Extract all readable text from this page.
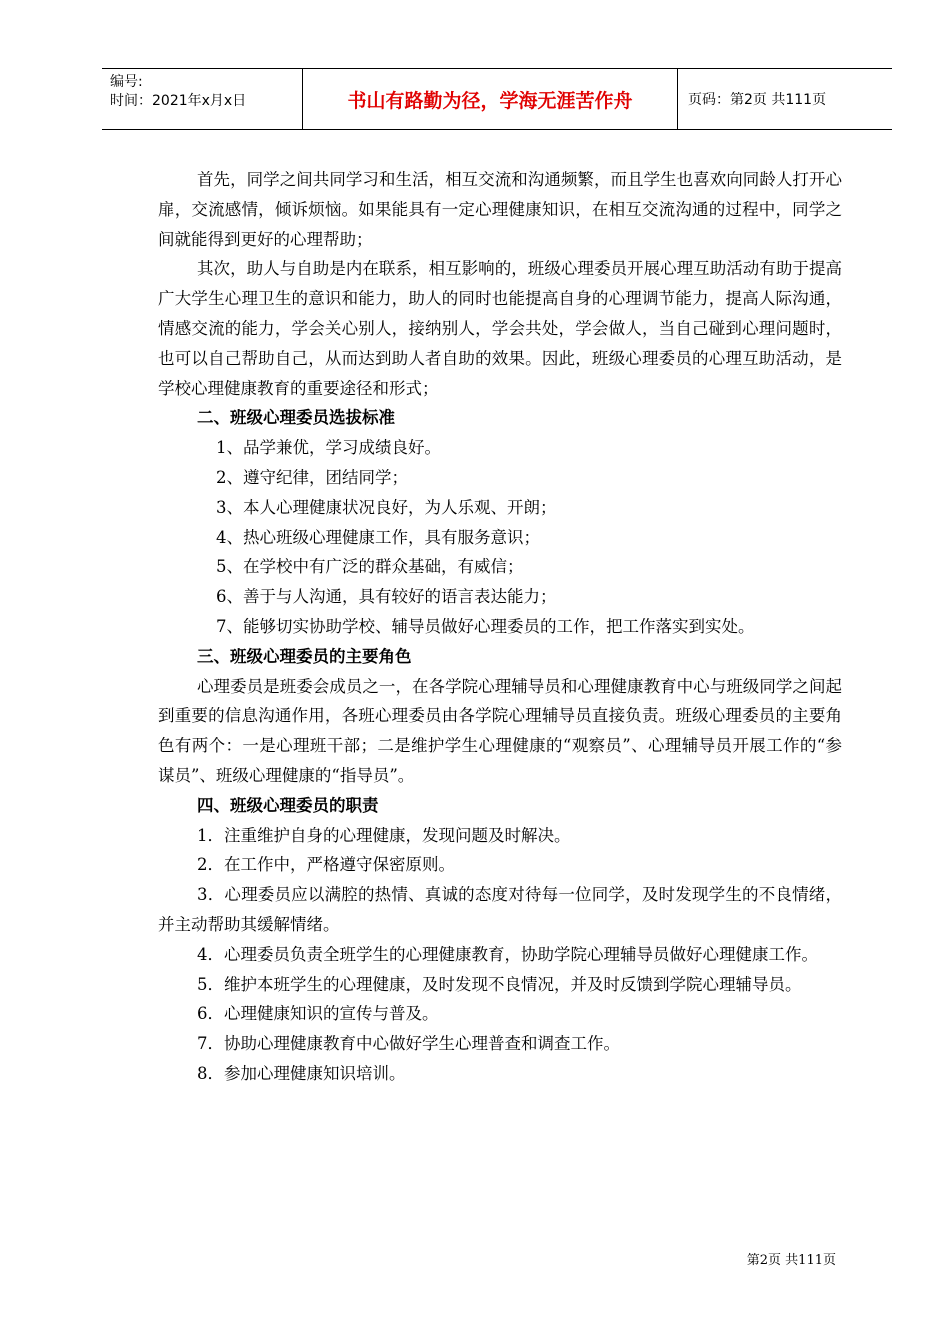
编号:
时间：2021年x月x日	书山有路勤为径，学海无涯苦作舟	页码：第2页 共111页

首先，同学之间共同学习和生活，相互交流和沟通频繁，而且学生也喜欢向同龄人打开心扉，交流感情，倾诉烦恼。如果能具有一定心理健康知识，在相互交流沟通的过程中，同学之间就能得到更好的心理帮助；

其次，助人与自助是内在联系，相互影响的，班级心理委员开展心理互助活动有助于提高广大学生心理卫生的意识和能力，助人的同时也能提高自身的心理调节能力，提高人际沟通，情感交流的能力，学会关心别人，接纳别人，学会共处，学会做人，当自己碰到心理问题时，也可以自己帮助自己，从而达到助人者自助的效果。因此，班级心理委员的心理互助活动，是学校心理健康教育的重要途径和形式；

二、班级心理委员选拔标准

1、品学兼优，学习成绩良好。

2、遵守纪律，团结同学；

3、本人心理健康状况良好，为人乐观、开朗；

4、热心班级心理健康工作，具有服务意识；

5、在学校中有广泛的群众基础，有威信；

6、善于与人沟通，具有较好的语言表达能力；

7、能够切实协助学校、辅导员做好心理委员的工作，把工作落实到实处。

三、班级心理委员的主要角色

心理委员是班委会成员之一，在各学院心理辅导员和心理健康教育中心与班级同学之间起到重要的信息沟通作用，各班心理委员由各学院心理辅导员直接负责。班级心理委员的主要角色有两个：一是心理班干部；二是维护学生心理健康的“观察员”、心理辅导员开展工作的“参谋员”、班级心理健康的“指导员”。

四、班级心理委员的职责

1．注重维护自身的心理健康，发现问题及时解决。

2．在工作中，严格遵守保密原则。

3．心理委员应以满腔的热情、真诚的态度对待每一位同学，及时发现学生的不良情绪，并主动帮助其缓解情绪。

4．心理委员负责全班学生的心理健康教育，协助学院心理辅导员做好心理健康工作。

5．维护本班学生的心理健康，及时发现不良情况，并及时反馈到学院心理辅导员。

6．心理健康知识的宣传与普及。

7．协助心理健康教育中心做好学生心理普查和调查工作。

8．参加心理健康知识培训。

第2页 共111页
